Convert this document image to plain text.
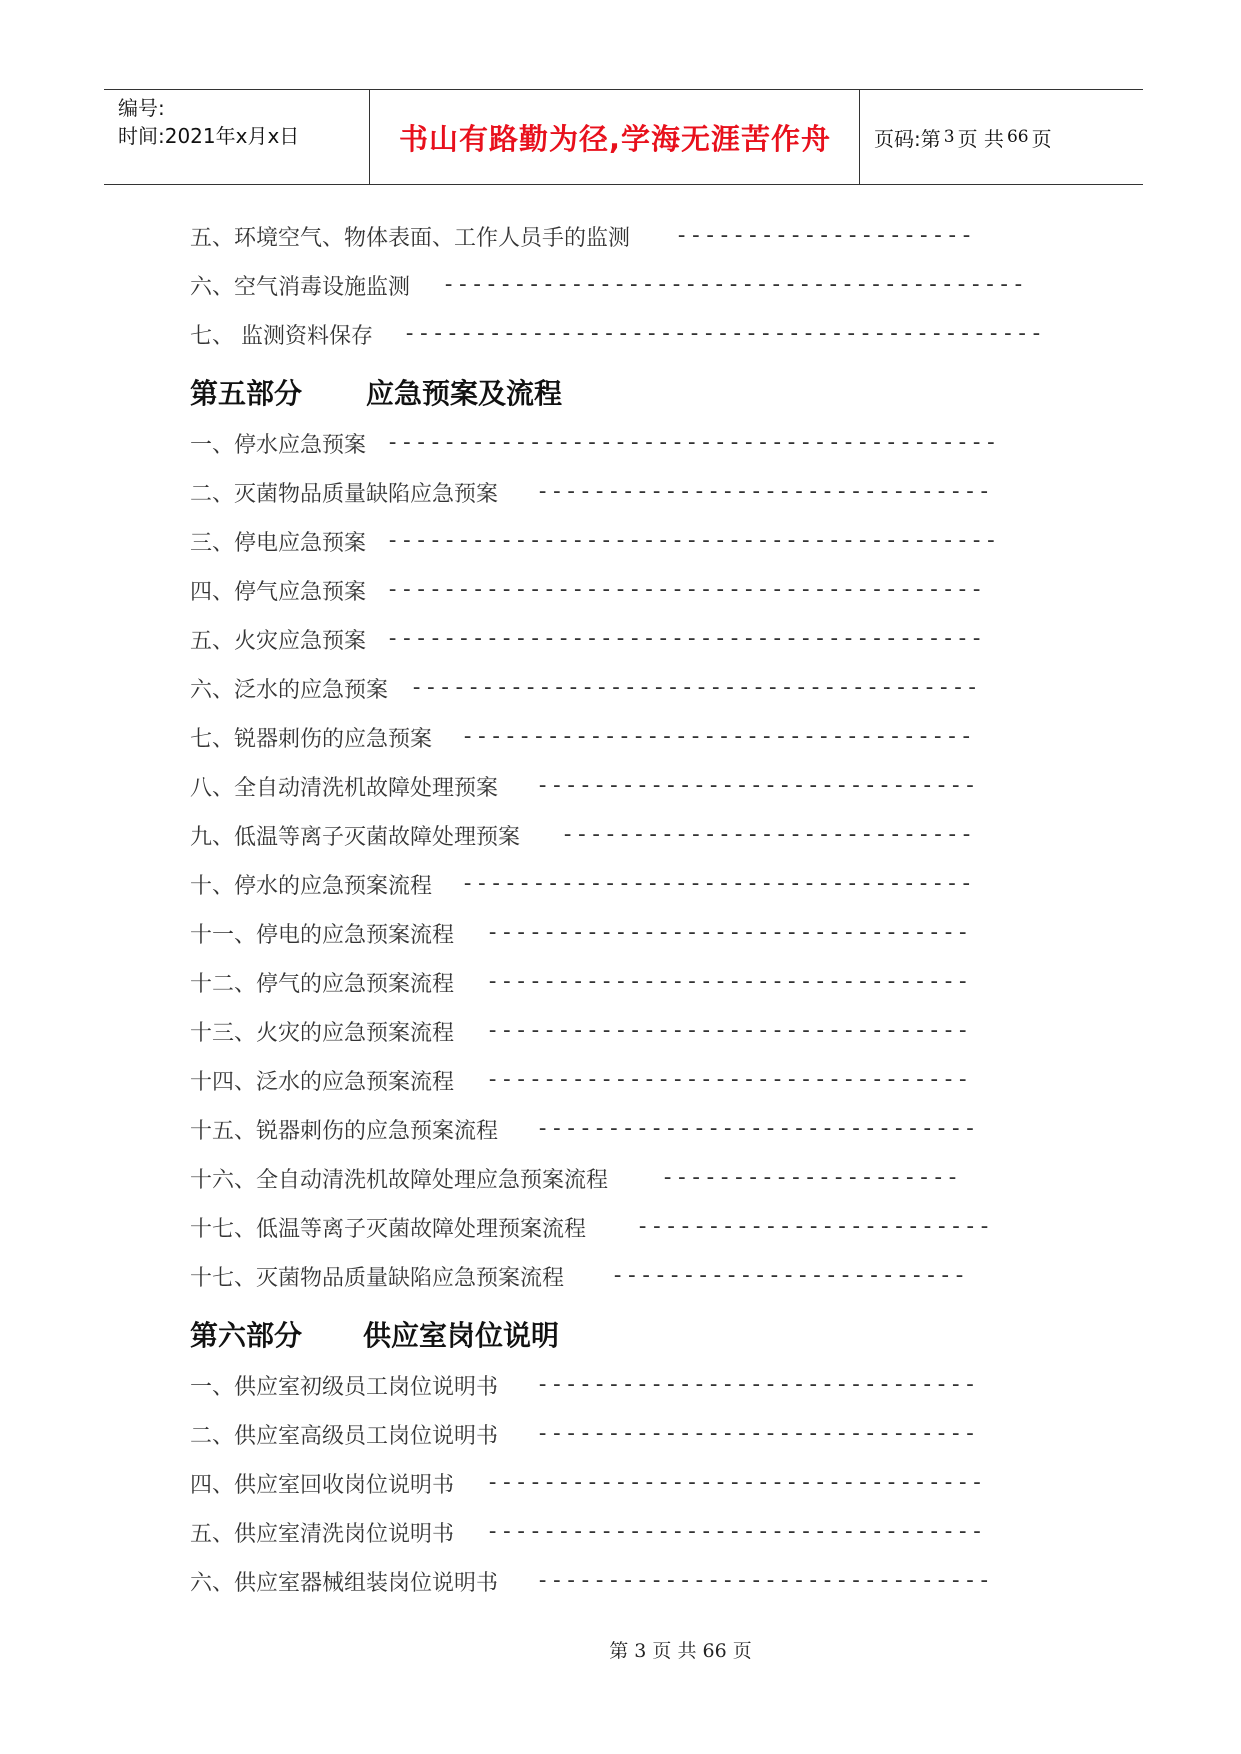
编号:
时间:2021年x月x日	书山有路勤为径,学海无涯苦作舟	页码:第 3 页 共 66 页
五、环境空气、物体表面、工作人员手的监测 ---------------------
六、空气消毒设施监测 -----------------------------------------
七、 监测资料保存 ---------------------------------------------
第五部分 应急预案及流程
一、停水应急预案 -------------------------------------------
二、灭菌物品质量缺陷应急预案 --------------------------------
三、停电应急预案 -------------------------------------------
四、停气应急预案 ------------------------------------------
五、火灾应急预案 ------------------------------------------
六、泛水的应急预案 ----------------------------------------
七、锐器刺伤的应急预案 ------------------------------------
八、全自动清洗机故障处理预案 -------------------------------
九、低温等离子灭菌故障处理预案 -----------------------------
十、停水的应急预案流程 ------------------------------------
十一、停电的应急预案流程 ----------------------------------
十二、停气的应急预案流程 ----------------------------------
十三、火灾的应急预案流程 ----------------------------------
十四、泛水的应急预案流程 ----------------------------------
十五、锐器刺伤的应急预案流程 -------------------------------
十六、全自动清洗机故障处理应急预案流程 ---------------------
十七、低温等离子灭菌故障处理预案流程 -------------------------
十七、灭菌物品质量缺陷应急预案流程 -------------------------
第六部分 供应室岗位说明
一、供应室初级员工岗位说明书 -------------------------------
二、供应室高级员工岗位说明书 -------------------------------
四、供应室回收岗位说明书 -----------------------------------
五、供应室清洗岗位说明书 -----------------------------------
六、供应室器械组装岗位说明书 --------------------------------
第 3 页 共 66 页
